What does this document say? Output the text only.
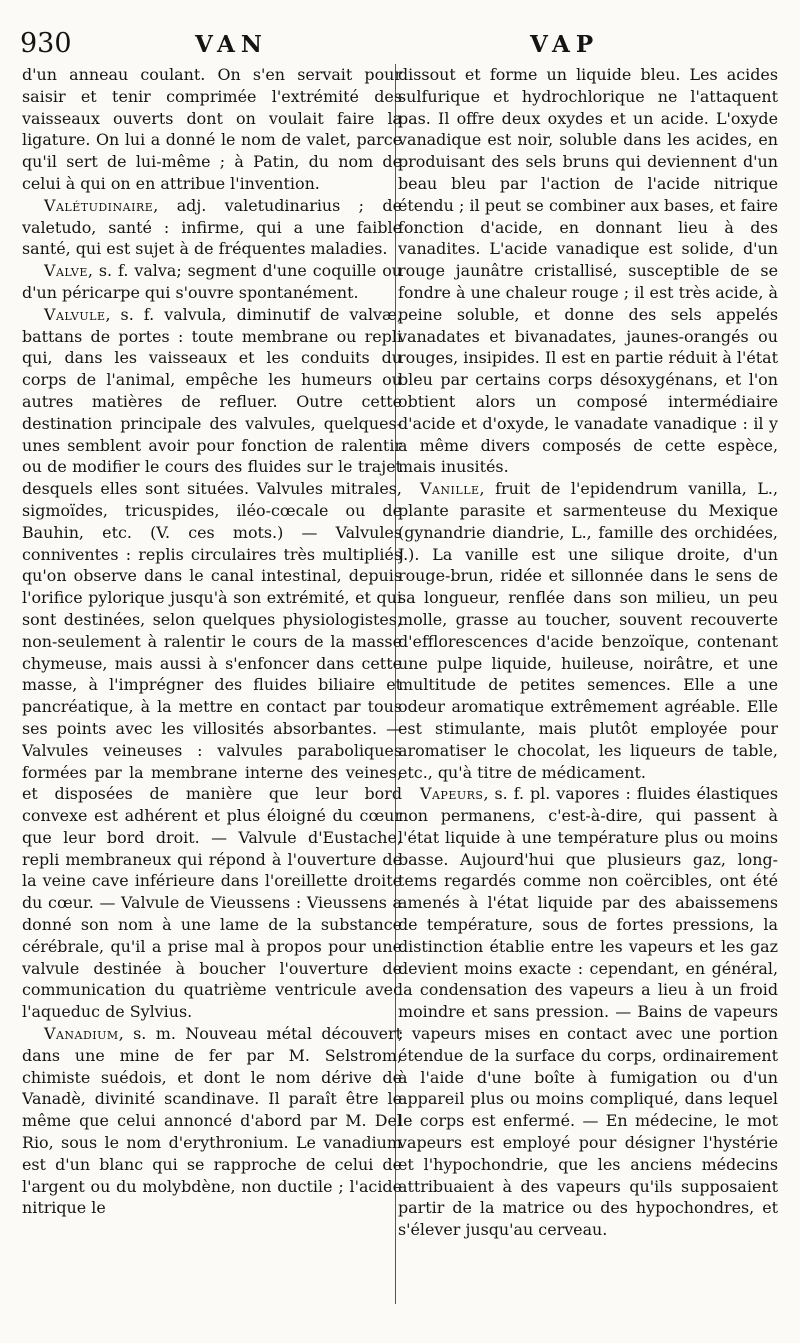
930	VAN	VAP

d'un anneau coulant. On s'en servait pour saisir et tenir comprimée l'extrémité des vaisseaux ouverts dont on voulait faire la ligature. On lui a donné le nom de valet, parce qu'il sert de lui-même ; à Patin, du nom de celui à qui on en attribue l'invention.

Valétudinaire, adj. valetudinarius ; de valetudo, santé : infirme, qui a une faible santé, qui est sujet à de fréquentes maladies.

Valve, s. f. valva; segment d'une coquille ou d'un péricarpe qui s'ouvre spontanément.

Valvule, s. f. valvula, diminutif de valvæ, battans de portes : toute membrane ou repli qui, dans les vaisseaux et les conduits du corps de l'animal, empêche les humeurs ou autres matières de refluer. Outre cette destination principale des valvules, quelques-unes semblent avoir pour fonction de ralentir ou de modifier le cours des fluides sur le trajet desquels elles sont situées. Valvules mitrales, sigmoïdes, tricuspides, iléo-cœcale ou de Bauhin, etc. (V. ces mots.) — Valvules conniventes : replis circulaires très multipliés qu'on observe dans le canal intestinal, depuis l'orifice pylorique jusqu'à son extrémité, et qui sont destinées, selon quelques physiologistes, non-seulement à ralentir le cours de la masse chymeuse, mais aussi à s'enfoncer dans cette masse, à l'imprégner des fluides biliaire et pancréatique, à la mettre en contact par tous ses points avec les villosités absorbantes. — Valvules veineuses : valvules paraboliques formées par la membrane interne des veines, et disposées de manière que leur bord convexe est adhérent et plus éloigné du cœur que leur bord droit. — Valvule d'Eustache, repli membraneux qui répond à l'ouverture de la veine cave inférieure dans l'oreillette droite du cœur. — Valvule de Vieussens : Vieussens a donné son nom à une lame de la substance cérébrale, qu'il a prise mal à propos pour une valvule destinée à boucher l'ouverture de communication du quatrième ventricule avec l'aqueduc de Sylvius.

Vanadium, s. m. Nouveau métal découvert dans une mine de fer par M. Selstrom, chimiste suédois, et dont le nom dérive de Vanadè, divinité scandinave. Il paraît être le même que celui annoncé d'abord par M. Del Rio, sous le nom d'erythronium. Le vanadium est d'un blanc qui se rapproche de celui de l'argent ou du molybdène, non ductile ; l'acide nitrique le

dissout et forme un liquide bleu. Les acides sulfurique et hydrochlorique ne l'attaquent pas. Il offre deux oxydes et un acide. L'oxyde vanadique est noir, soluble dans les acides, en produisant des sels bruns qui deviennent d'un beau bleu par l'action de l'acide nitrique étendu ; il peut se combiner aux bases, et faire fonction d'acide, en donnant lieu à des vanadites. L'acide vanadique est solide, d'un rouge jaunâtre cristallisé, susceptible de se fondre à une chaleur rouge ; il est très acide, à peine soluble, et donne des sels appelés vanadates et bivanadates, jaunes-orangés ou rouges, insipides. Il est en partie réduit à l'état bleu par certains corps désoxygénans, et l'on obtient alors un composé intermédiaire d'acide et d'oxyde, le vanadate vanadique : il y a même divers composés de cette espèce, mais inusités.

Vanille, fruit de l'epidendrum vanilla, L., plante parasite et sarmenteuse du Mexique (gynandrie diandrie, L., famille des orchidées, J.). La vanille est une silique droite, d'un rouge-brun, ridée et sillonnée dans le sens de sa longueur, renflée dans son milieu, un peu molle, grasse au toucher, souvent recouverte d'efflorescences d'acide benzoïque, contenant une pulpe liquide, huileuse, noirâtre, et une multitude de petites semences. Elle a une odeur aromatique extrêmement agréable. Elle est stimulante, mais plutôt employée pour aromatiser le chocolat, les liqueurs de table, etc., qu'à titre de médicament.

Vapeurs, s. f. pl. vapores : fluides élastiques non permanens, c'est-à-dire, qui passent à l'état liquide à une température plus ou moins basse. Aujourd'hui que plusieurs gaz, long-tems regardés comme non coërcibles, ont été amenés à l'état liquide par des abaissemens de température, sous de fortes pressions, la distinction établie entre les vapeurs et les gaz devient moins exacte : cependant, en général, la condensation des vapeurs a lieu à un froid moindre et sans pression. — Bains de vapeurs ; vapeurs mises en contact avec une portion étendue de la surface du corps, ordinairement à l'aide d'une boîte à fumigation ou d'un appareil plus ou moins compliqué, dans lequel le corps est enfermé. — En médecine, le mot vapeurs est employé pour désigner l'hystérie et l'hypochondrie, que les anciens médecins attribuaient à des vapeurs qu'ils supposaient partir de la matrice ou des hypochondres, et s'élever jusqu'au cerveau.
